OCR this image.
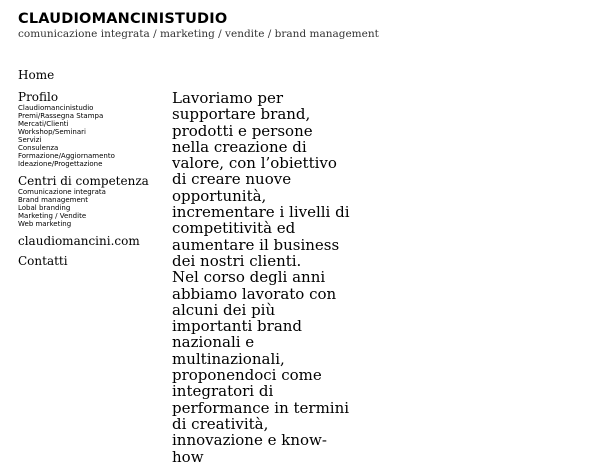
CLAUDIOMANCINISTUDIO
comunicazione integrata / marketing / vendite / brand management
Home
Profilo
Claudiomancinistudio
Premi/Rassegna Stampa
Mercati/Clienti
Workshop/Seminari
Servizi
Consulenza
Formazione/Aggiornamento
Ideazione/Progettazione
Centri di competenza
Comunicazione integrata
Brand management
Lobal branding
Marketing / Vendite
Web marketing
claudiomancini.com
Contatti

Lavoriamo per supportare brand, prodotti e persone nella creazione di valore, con l’obiettivo di creare nuove opportunità, incrementare i livelli di competitività ed aumentare il business dei nostri clienti.

Nel corso degli anni abbiamo lavorato con alcuni dei più importanti brand nazionali e multinazionali, proponendoci come integratori di performance in termini di creatività, innovazione e know-how
